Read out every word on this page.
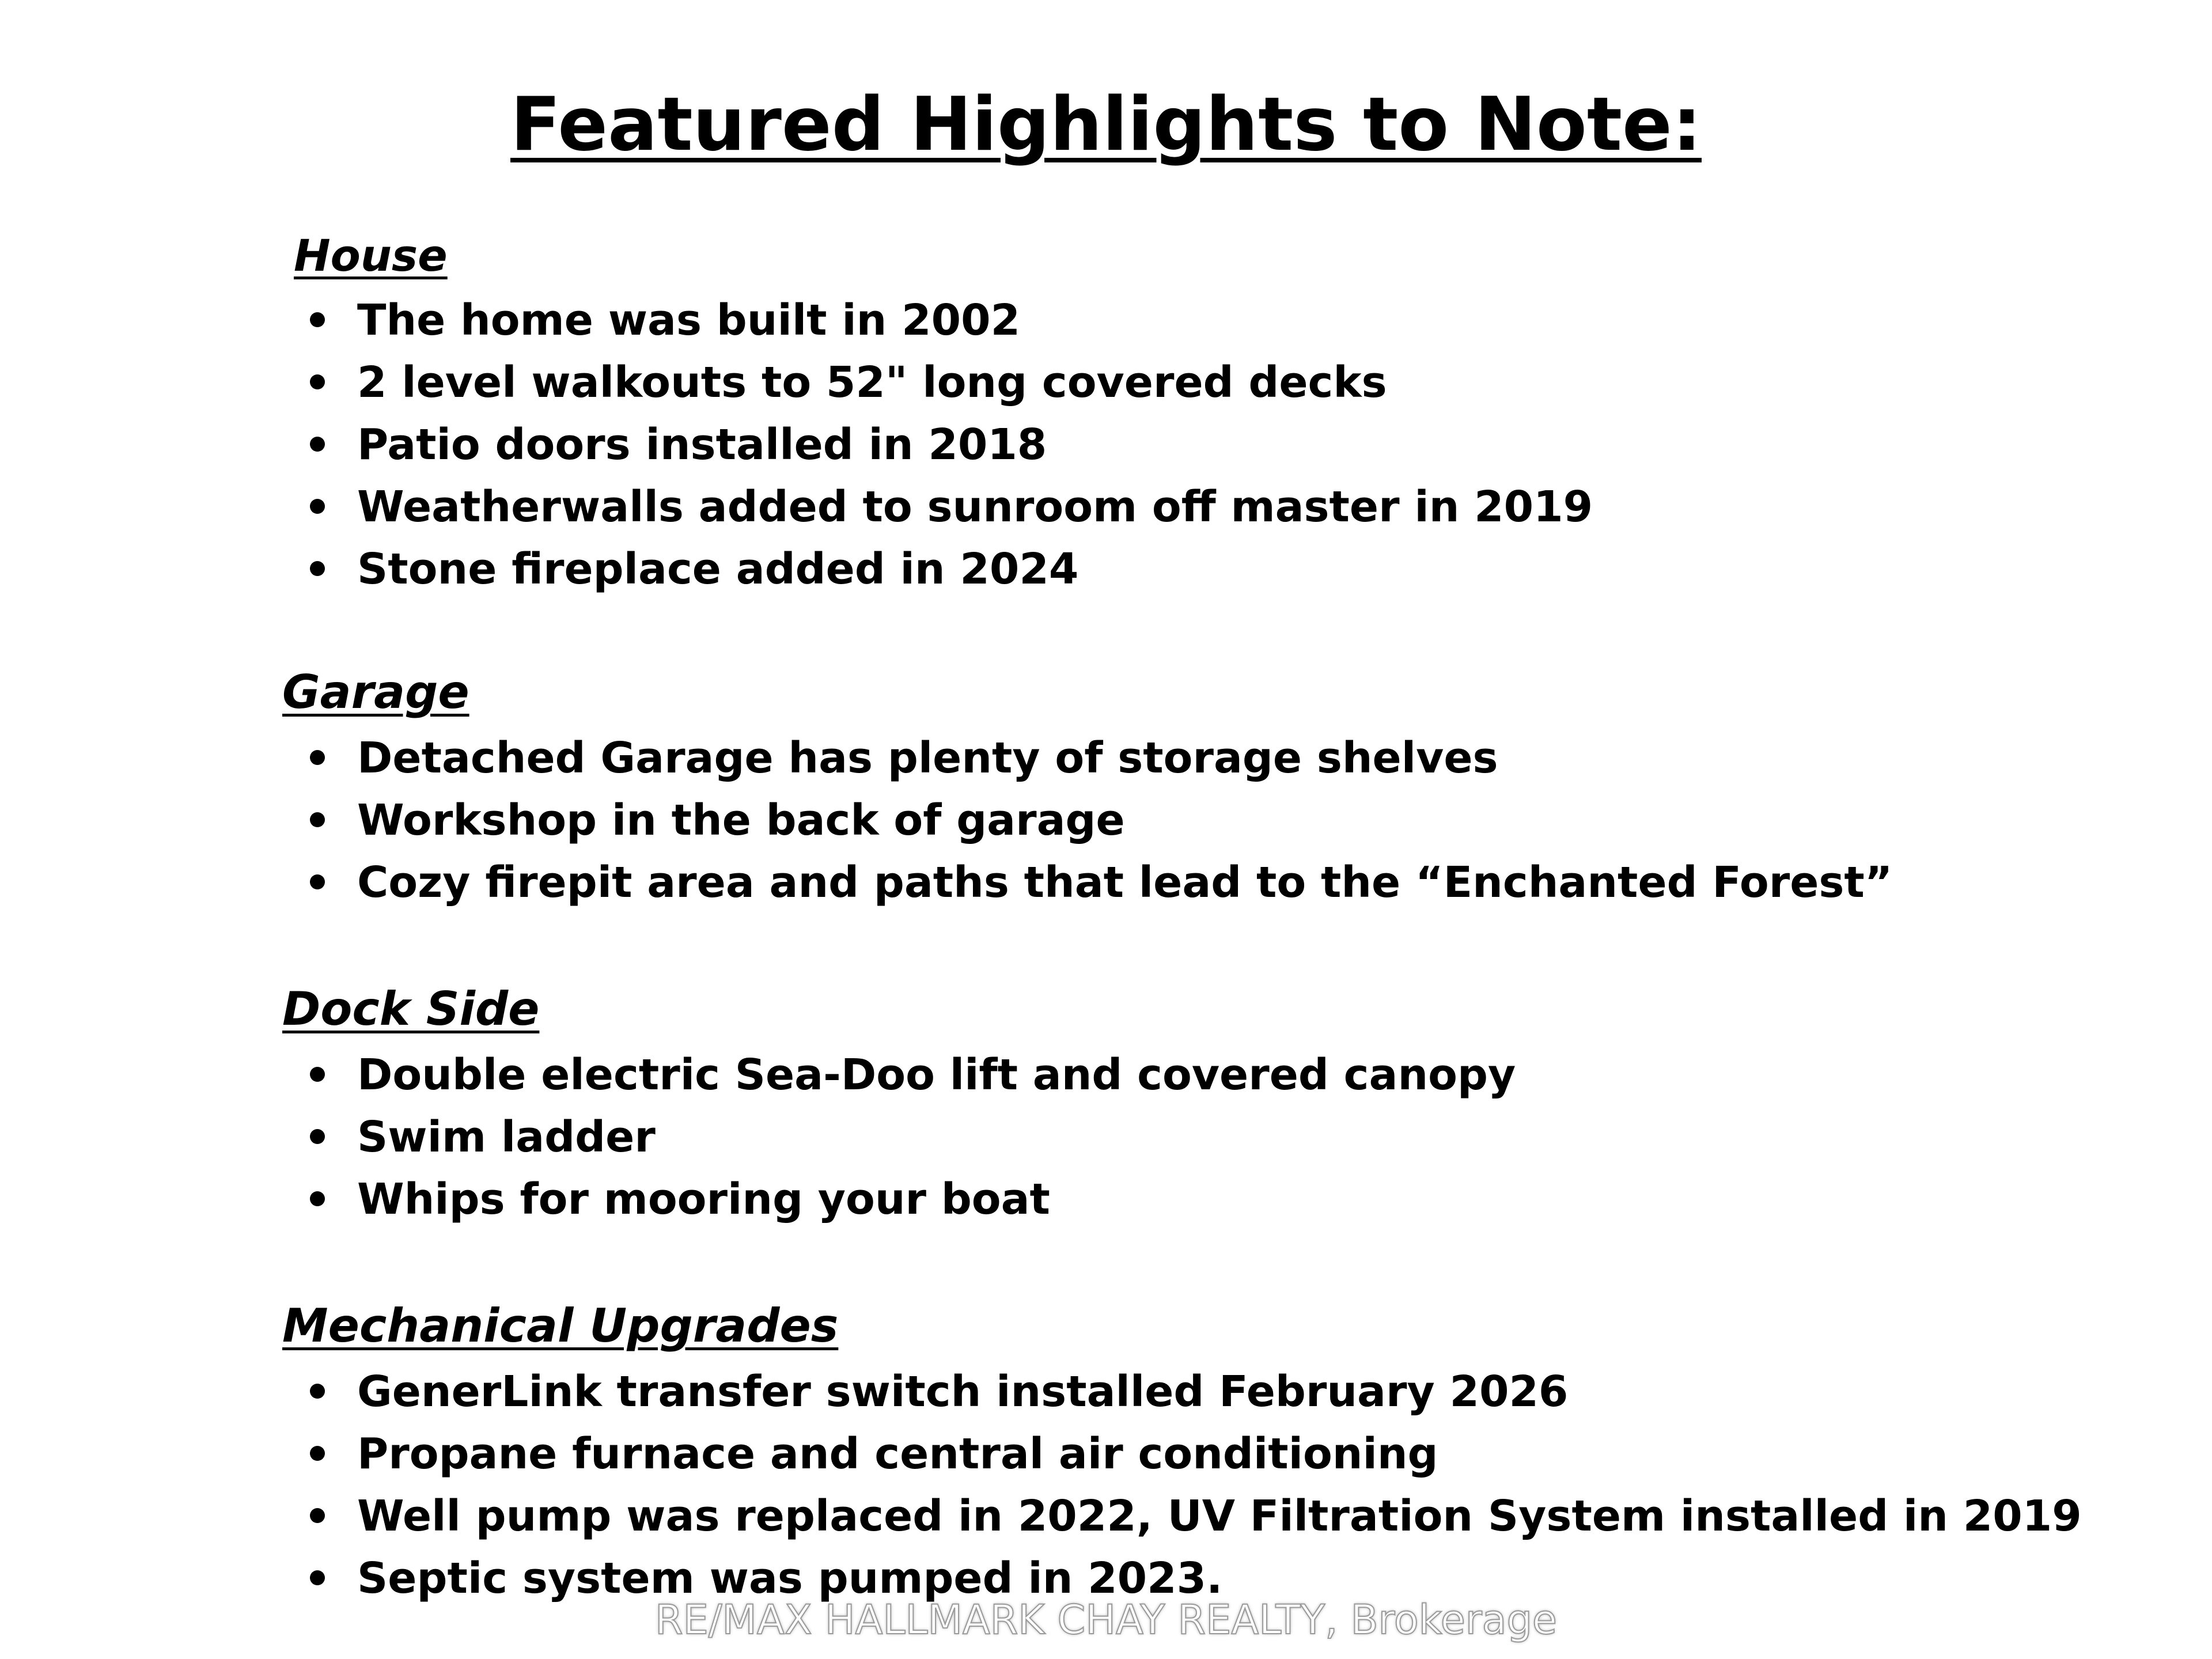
Featured Highlights to Note:
House
The home was built in 2002
2 level walkouts to 52" long covered decks
Patio doors installed in 2018
Weatherwalls added to sunroom off master in 2019
Stone fireplace added in 2024
Garage
Detached Garage has plenty of storage shelves
Workshop in the back of garage
Cozy firepit area and paths that lead to the “Enchanted Forest”
Dock Side
Double electric Sea-Doo lift and covered canopy
Swim ladder
Whips for mooring your boat
Mechanical Upgrades
GenerLink transfer switch installed February 2026
Propane furnace and central air conditioning
Well pump was replaced in 2022, UV Filtration System installed in 2019
Septic system was pumped in 2023.
RE/MAX HALLMARK CHAY REALTY, Brokerage
